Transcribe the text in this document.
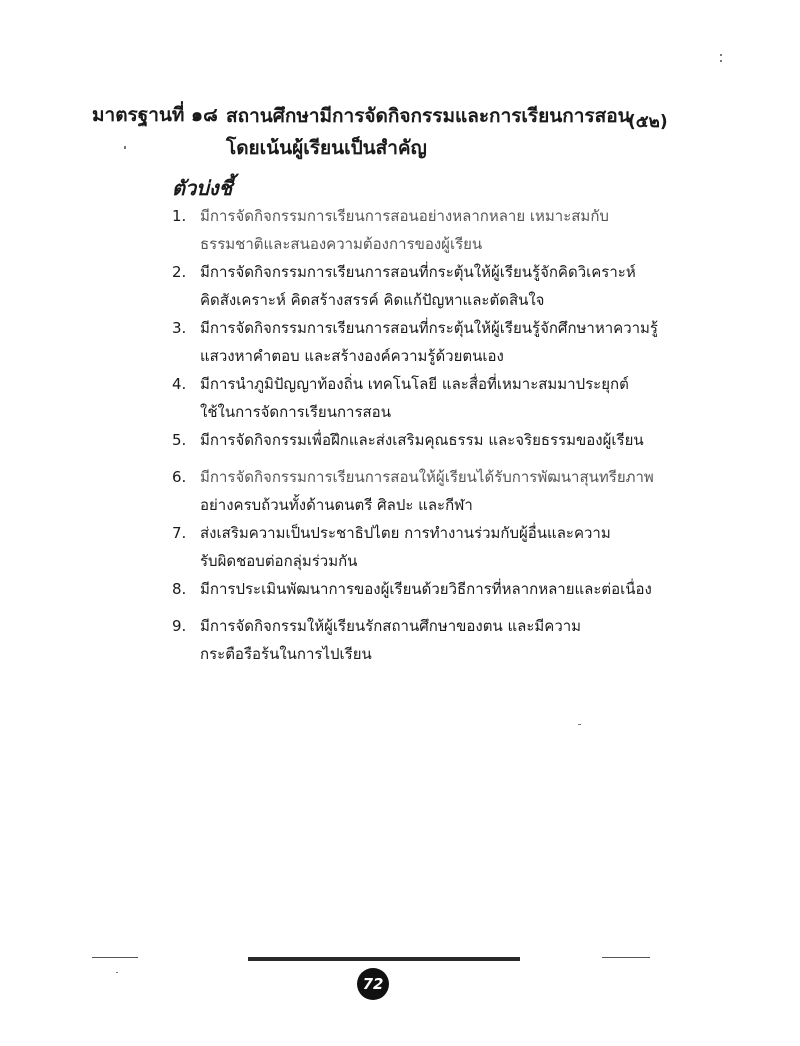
มาตรฐานที่ ๑๘ สถานศึกษามีการจัดกิจกรรมและการเรียนการสอน
โดยเน้นผู้เรียนเป็นสำคัญ
(๕๒)
ตัวบ่งชี้
1. มีการจัดกิจกรรมการเรียนการสอนอย่างหลากหลาย เหมาะสมกับ
ธรรมชาติและสนองความต้องการของผู้เรียน
2. มีการจัดกิจกรรมการเรียนการสอนที่กระตุ้นให้ผู้เรียนรู้จักคิดวิเคราะห์
คิดสังเคราะห์ คิดสร้างสรรค์ คิดแก้ปัญหาและตัดสินใจ
3. มีการจัดกิจกรรมการเรียนการสอนที่กระตุ้นให้ผู้เรียนรู้จักศึกษาหาความรู้
แสวงหาคำตอบ และสร้างองค์ความรู้ด้วยตนเอง
4. มีการนำภูมิปัญญาท้องถิ่น เทคโนโลยี และสื่อที่เหมาะสมมาประยุกต์
ใช้ในการจัดการเรียนการสอน
5. มีการจัดกิจกรรมเพื่อฝึกและส่งเสริมคุณธรรม และจริยธรรมของผู้เรียน
6. มีการจัดกิจกรรมการเรียนการสอนให้ผู้เรียนได้รับการพัฒนาสุนทรียภาพ
อย่างครบถ้วนทั้งด้านดนตรี ศิลปะ และกีฬา
7. ส่งเสริมความเป็นประชาธิปไตย การทำงานร่วมกับผู้อื่นและความ
รับผิดชอบต่อกลุ่มร่วมกัน
8. มีการประเมินพัฒนาการของผู้เรียนด้วยวิธีการที่หลากหลายและต่อเนื่อง
9. มีการจัดกิจกรรมให้ผู้เรียนรักสถานศึกษาของตน และมีความ
กระตือรือร้นในการไปเรียน
72
